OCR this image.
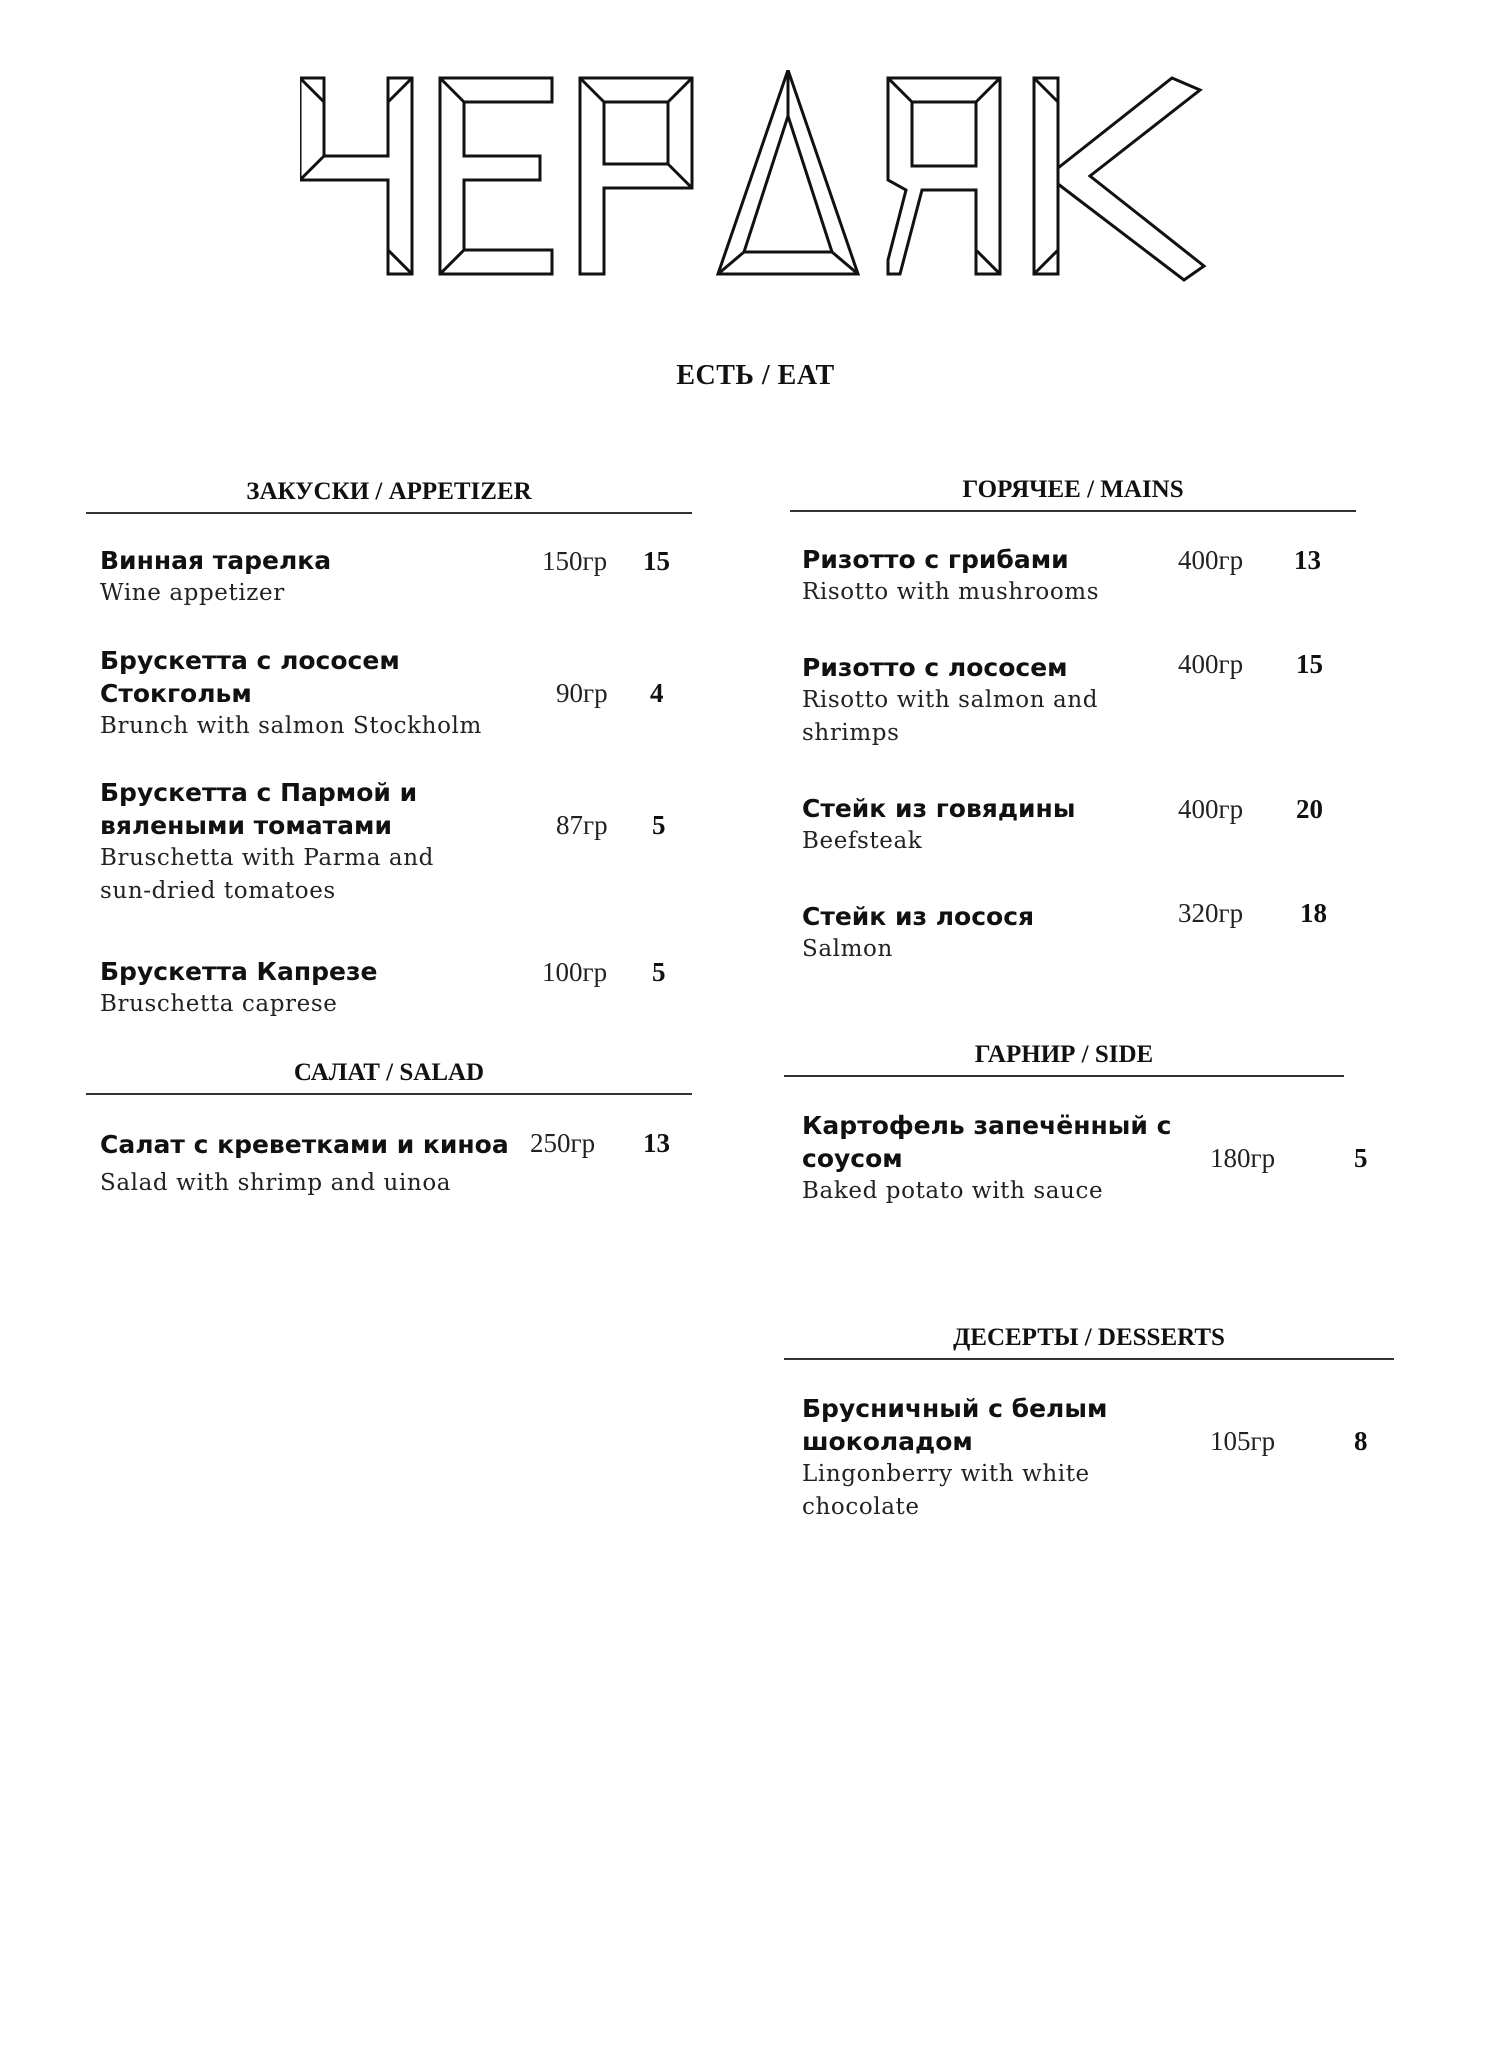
ЕСТЬ / EAT
ЗАКУСКИ / APPETIZER
Винная тарелка
Wine appetizer
150гр 15
Брускетта с лососем Стокгольм
Brunch with salmon Stockholm
90гр 4
Брускетта с Пармой и вялеными томатами
Bruschetta with Parma and sun-dried tomatoes
87гр 5
Брускетта Капрезе
Bruschetta caprese
100гр 5
САЛАТ / SALAD
Салат с креветками и киноа
Salad with shrimp and uinoa
250гр 13
ГОРЯЧЕЕ / MAINS
Ризотто с грибами
Risotto with mushrooms
400гр 13
Ризотто с лососем
Risotto with salmon and shrimps
400гр 15
Стейк из говядины
Beefsteak
400гр 20
Стейк из лосося
Salmon
320гр 18
ГАРНИР / SIDE
Картофель запечённый с соусом
Baked potato with sauce
180гр	5
ДЕСЕРТЫ / DESSERTS
Брусничный с белым шоколадом
Lingonberry with white chocolate
105гр	8
